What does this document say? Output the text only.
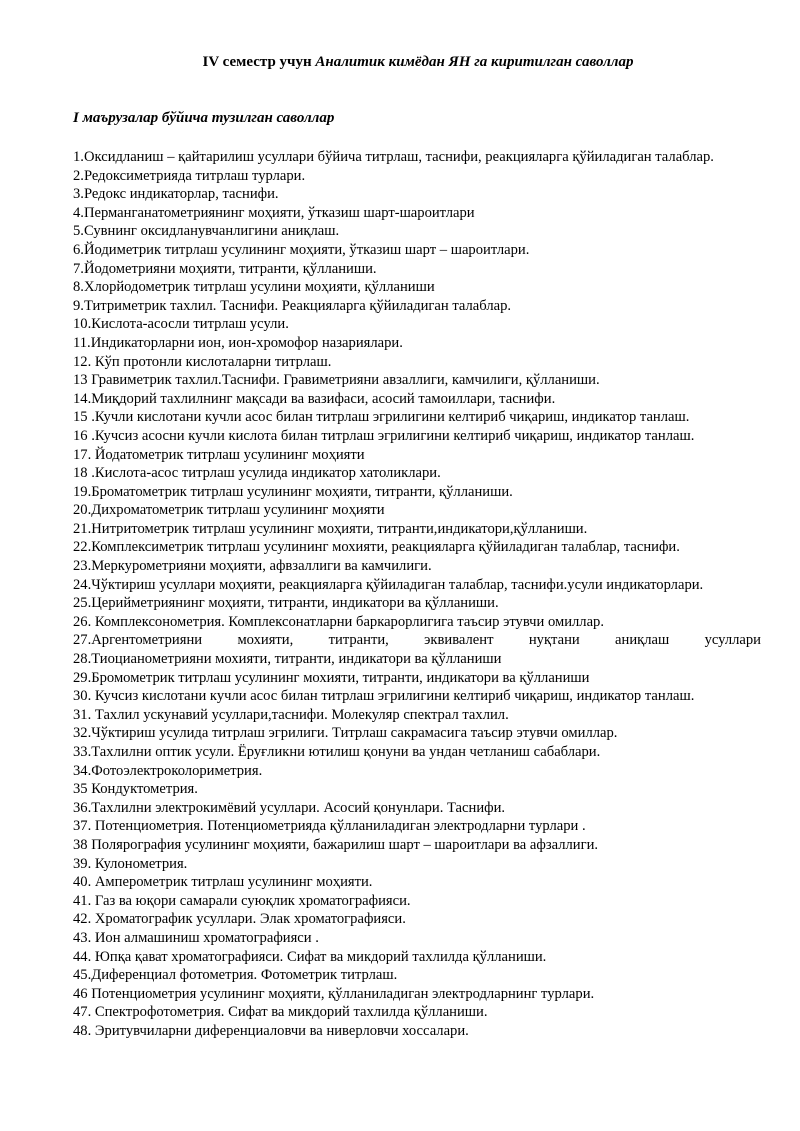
IV семестр учун Аналитик кимёдан ЯН га киритилган саволлар
I маърузалар бўйича тузилган саволлар
1.Оксидланиш – қайтарилиш усуллари бўйича титрлаш, таснифи, реакцияларга қўйиладиган талаблар.
2.Редоксиметрияда титрлаш турлари.
3.Редокс индикаторлар, таснифи.
4.Перманганатометриянинг моҳияти, ўтказиш шарт-шароитлари
5.Сувнинг оксидланувчанлигини аниқлаш.
6.Йодиметрик титрлаш усулининг моҳияти, ўтказиш шарт – шароитлари.
7.Йодометрияни моҳияти, титранти, қўлланиши.
8.Хлорйодометрик титрлаш усулини моҳияти, қўлланиши
9.Титриметрик тахлил. Таснифи. Реакцияларга қўйиладиган талаблар.
10.Кислота-асосли титрлаш усули.
11.Индикаторларни ион, ион-хромофор назариялари.
12. Кўп протонли кислоталарни титрлаш.
13 Гравиметрик тахлил.Таснифи. Гравиметрияни авзаллиги, камчилиги, қўлланиши.
14.Миқдорий тахлилнинг мақсади ва вазифаси, асосий тамоиллари, таснифи.
15 .Кучли кислотани кучли асос билан титрлаш эгрилигини келтириб чиқариш, индикатор танлаш.
16 .Кучсиз асосни кучли кислота билан титрлаш эгрилигини келтириб чиқариш, индикатор танлаш.
17. Йодатометрик титрлаш усулининг моҳияти
18 .Кислота-асос титрлаш усулида индикатор хатоликлари.
19.Броматометрик титрлаш усулининг моҳияти, титранти, қўлланиши.
20.Дихроматометрик титрлаш усулининг моҳияти
21.Нитритометрик титрлаш усулининг моҳияти, титранти,индикатори,қўлланиши.
22.Комплексиметрик титрлаш усулининг мохияти, реакцияларга қўйиладиган талаблар, таснифи.
23.Меркурометрияни моҳияти, афвзаллиги ва камчилиги.
24.Чўктириш усуллари моҳияти, реакцияларга қўйиладиган талаблар, таснифи.усули индикаторлари.
25.Церийметриянинг моҳияти, титранти, индикатори ва қўлланиши.
26. Комплексонометрия. Комплексонатларни баркарорлигига таъсир этувчи омиллар.
27.Аргентометрияни мохияти, титранти, эквивалент нуқтани аниқлаш усуллари
28.Тиоцианометрияни мохияти, титранти, индикатори ва қўлланиши
29.Бромометрик титрлаш усулининг мохияти, титранти, индикатори ва қўлланиши
30. Кучсиз кислотани кучли асос билан титрлаш эгрилигини келтириб чиқариш, индикатор танлаш.
31. Тахлил ускунавий усуллари,таснифи. Молекуляр спектрал тахлил.
32.Чўктириш усулида титрлаш эгрилиги. Титрлаш сакрамасига таъсир этувчи омиллар.
33.Тахлилни оптик усули. Ёруғликни ютилиш қонуни ва ундан четланиш сабаблари.
34.Фотоэлектроколориметрия.
35 Кондуктометрия.
36.Тахлилни электрокимёвий усуллари. Асосий қонунлари. Таснифи.
37. Потенциометрия. Потенциометрияда қўлланиладиган электродларни турлари .
38 Полярография усулининг моҳияти, бажарилиш шарт – шароитлари ва афзаллиги.
39. Кулонометрия.
40. Амперометрик титрлаш усулининг моҳияти.
41. Газ ва юқори самарали суюқлик хроматографияси.
42. Хроматографик усуллари. Элак хроматографияси.
43. Ион алмашиниш хроматографияси .
44. Юпқа қават хроматографияси. Сифат ва микдорий тахлилда қўлланиши.
45.Диференциал фотометрия. Фотометрик титрлаш.
46 Потенциометрия усулининг моҳияти, қўлланиладиган электродларнинг турлари.
47. Спектрофотометрия. Сифат ва микдорий тахлилда қўлланиши.
48. Эритувчиларни диференциаловчи ва ниверловчи хоссалари.
